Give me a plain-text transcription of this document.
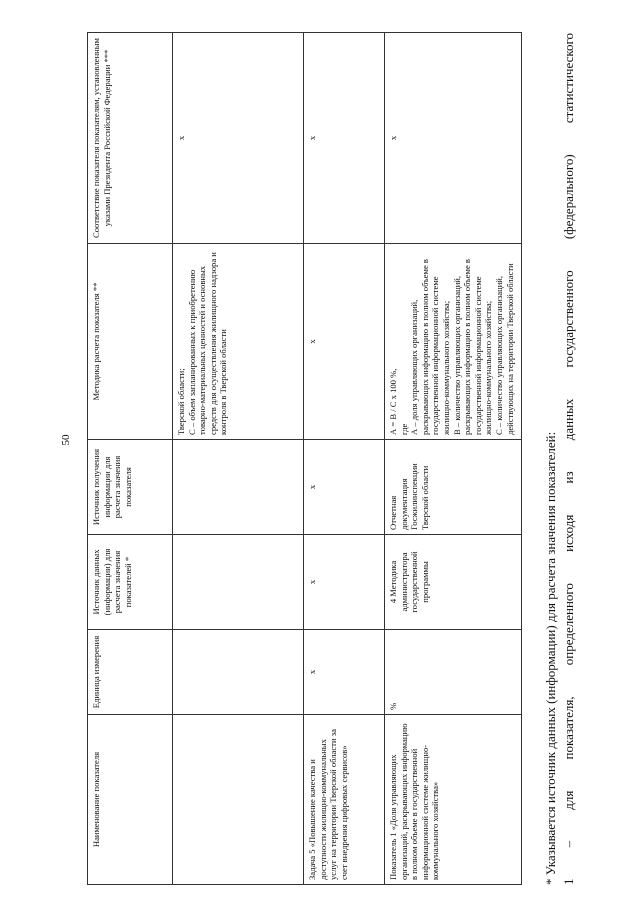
50
Наименование показателя	Единица измерения	Источник данных (информации) для расчета значения показателей *	Источник получения информации для расчета значения показателя	Методика расчета показателя **	Соответствие показателя показателям, установленным указами Президента Российской Федерации ***

				Тверской области; С – объем запланированных к приобретению товарно-материальных ценностей и основных средств для осуществления жилищного надзора и контроля в Тверской области	х
Задача 5 «Повышение качества и доступности жилищно-коммунальных услуг на территории Тверской области за счет внедрения цифровых сервисов»	х	х	х	х	х
Показатель 1 «Доля управляющих организаций, раскрывающих информацию в полном объеме в государственной информационной системе жилищно-коммунального хозяйства»	%	4 Методика администратора государственной программы	Отчетная документация Госжилинспекции Тверской области	А = В / С х 100 %, где А – доля управляющих организаций, раскрывающих информацию в полном объеме в государственной информационной системе жилищно-коммунального хозяйства; В – количество управляющих организаций, раскрывающих информацию в полном объеме в государственной информационной системе жилищно-коммунального хозяйства; С – количество управляющих организаций, действующих на территории Тверской области	х
* Указывается источник данных (информации) для расчета значения показателей: 1
–
для
показателя,
определенного
исходя
из
данных
государственного
(федерального)
статистического
